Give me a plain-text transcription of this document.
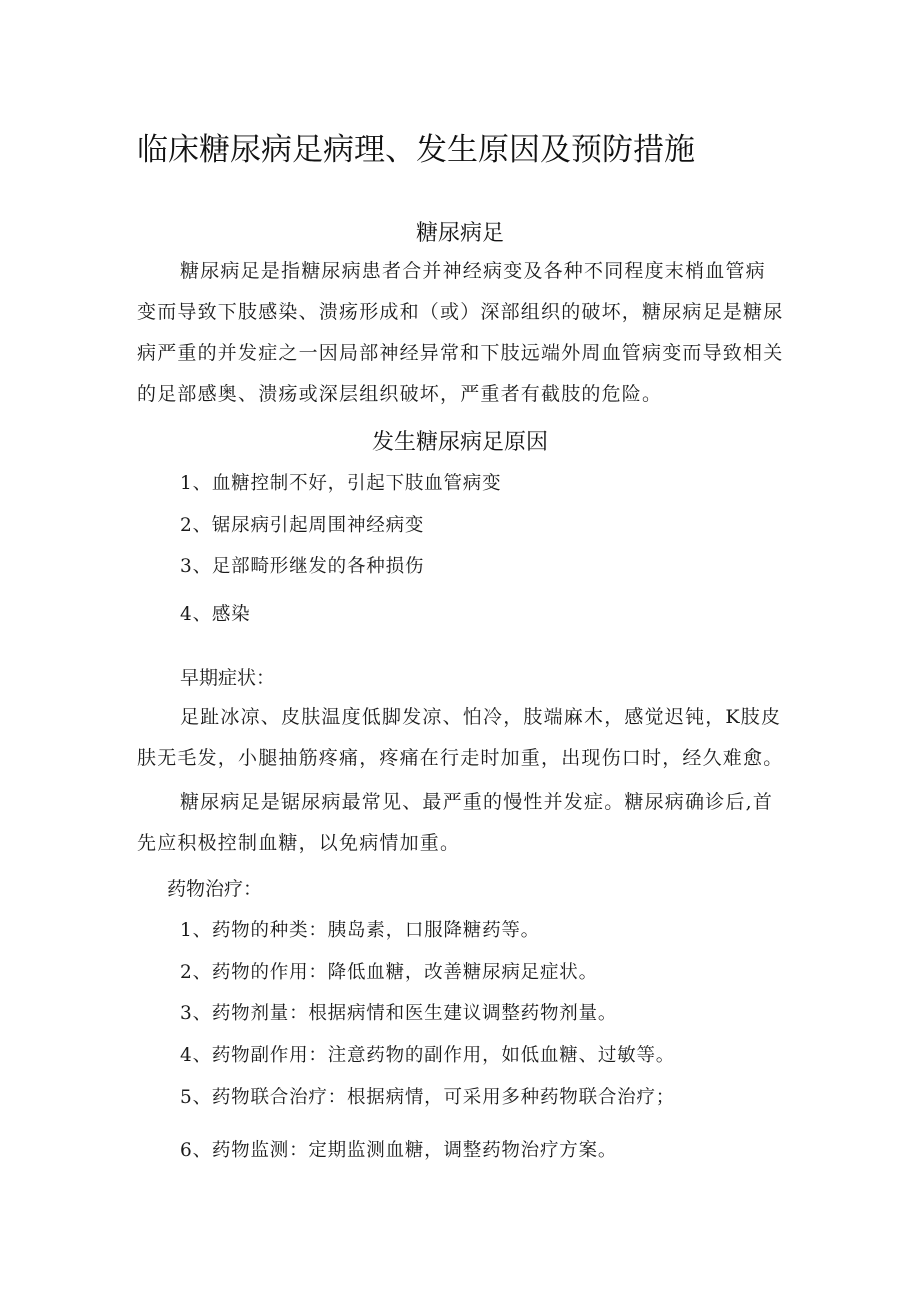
临床糖尿病足病理、发生原因及预防措施
糖尿病足
糖尿病足是指糖尿病患者合并神经病变及各种不同程度末梢血管病
变而导致下肢感染、溃疡形成和（或）深部组织的破坏，糖尿病足是糖尿
病严重的并发症之一因局部神经异常和下肢远端外周血管病变而导致相关
的足部感奥、溃疡或深层组织破坏，严重者有截肢的危险。
发生糖尿病足原因
1、血糖控制不好，引起下肢血管病变
2、锯尿病引起周围神经病变
3、足部畸形继发的各种损伤
4、感染
早期症状：
足趾冰凉、皮肤温度低脚发凉、怕冷，肢端麻木，感觉迟钝，K肢皮
肤无毛发，小腿抽筋疼痛，疼痛在行走时加重，出现伤口时，经久难愈。
糖尿病足是锯尿病最常见、最严重的慢性并发症。糖尿病确诊后,首
先应积极控制血糖，以免病情加重。
药物治疗：
1、药物的种类：胰岛素，口服降糖药等。
2、药物的作用：降低血糖，改善糖尿病足症状。
3、药物剂量：根据病情和医生建议调整药物剂量。
4、药物副作用：注意药物的副作用，如低血糖、过敏等。
5、药物联合治疗：根据病情，可采用多种药物联合治疗；
6、药物监测：定期监测血糖，调整药物治疗方案。
